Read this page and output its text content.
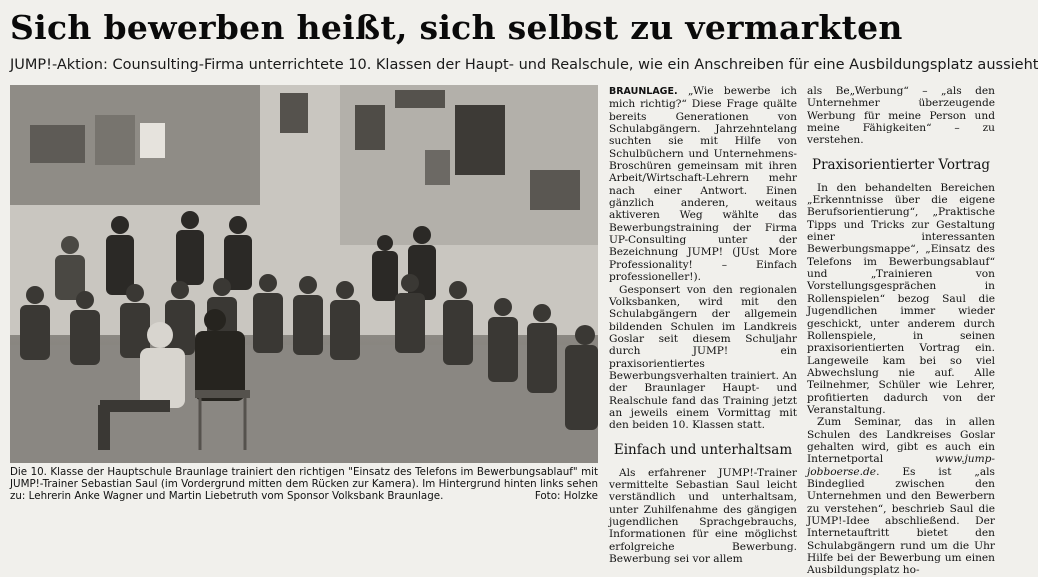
Sich bewerben heißt, sich selbst zu vermarkten
JUMP!-Aktion: Counsulting-Firma unterrichtete 10. Klassen der Haupt- und Realschule, wie ein Anschreiben für eine Ausbildungsplatz aussieht
Die 10. Klasse der Hauptschule Braunlage trainiert den richtigen "Einsatz des Telefons im Bewerbungsablauf" mit JUMP!-Trainer Sebastian Saul (im Vordergrund mitten dem Rücken zur Kamera). Im Hintergrund hinten links sehen zu: Lehrerin Anke Wagner und Martin Liebetruth vom Sponsor Volksbank Braunlage.	Foto: Holzke

BRAUNLAGE. „Wie bewerbe ich mich richtig?“ Diese Frage quälte bereits Generationen von Schulabgängern. Jahrzehntelang suchten sie mit Hilfe von Schulbüchern und Unternehmens-Broschüren gemeinsam mit ihren Arbeit/Wirtschaft-Lehrern mehr nach einer Antwort. Einen gänzlich anderen, weitaus aktiveren Weg wählte das Bewerbungstraining der Firma UP-Consulting unter der Bezeichnung JUMP! (JUst More Professionality! – Einfach professioneller!).

Gesponsert von den regionalen Volksbanken, wird mit den Schulabgängern der allgemein bildenden Schulen im Landkreis Goslar seit diesem Schuljahr durch JUMP! ein praxisorientiertes Bewerbungsverhalten trainiert. An der Braunlager Haupt- und Realschule fand das Training jetzt an jeweils einem Vormittag mit den beiden 10. Klassen statt.

Einfach und unterhaltsam

Als erfahrener JUMP!-Trainer vermittelte Sebastian Saul leicht verständlich und unterhaltsam, unter Zuhilfenahme des gängigen jugendlichen Sprachgebrauchs, Informationen für eine möglichst erfolgreiche Bewerbung. Bewerbung sei vor allem

als Be„Werbung“ – „als den Unternehmer überzeugende Werbung für meine Person und meine Fähigkeiten“ – zu verstehen.

Praxisorientierter Vortrag

In den behandelten Bereichen „Erkenntnisse über die eigene Berufsorientierung“, „Praktische Tipps und Tricks zur Gestaltung einer interessanten Bewerbungsmappe“, „Einsatz des Telefons im Bewerbungsablauf“ und „Trainieren von Vorstellungsgesprächen in Rollenspielen“ bezog Saul die Jugendlichen immer wieder geschickt, unter anderem durch Rollenspiele, in seinen praxisorientierten Vortrag ein. Langeweile kam bei so viel Abwechslung nie auf. Alle Teilnehmer, Schüler wie Lehrer, profitierten dadurch von der Veranstaltung.

Zum Seminar, das in allen Schulen des Landkreises Goslar gehalten wird, gibt es auch ein Internetportal www.jump-jobboerse.de. Es ist „als Bindeglied zwischen den Unternehmen und den Bewerbern zu verstehen“, beschrieb Saul die JUMP!-Idee abschließend. Der Internetauftritt bietet den Schulabgängern rund um die Uhr Hilfe bei der Bewerbung um einen Ausbildungsplatz ho-
